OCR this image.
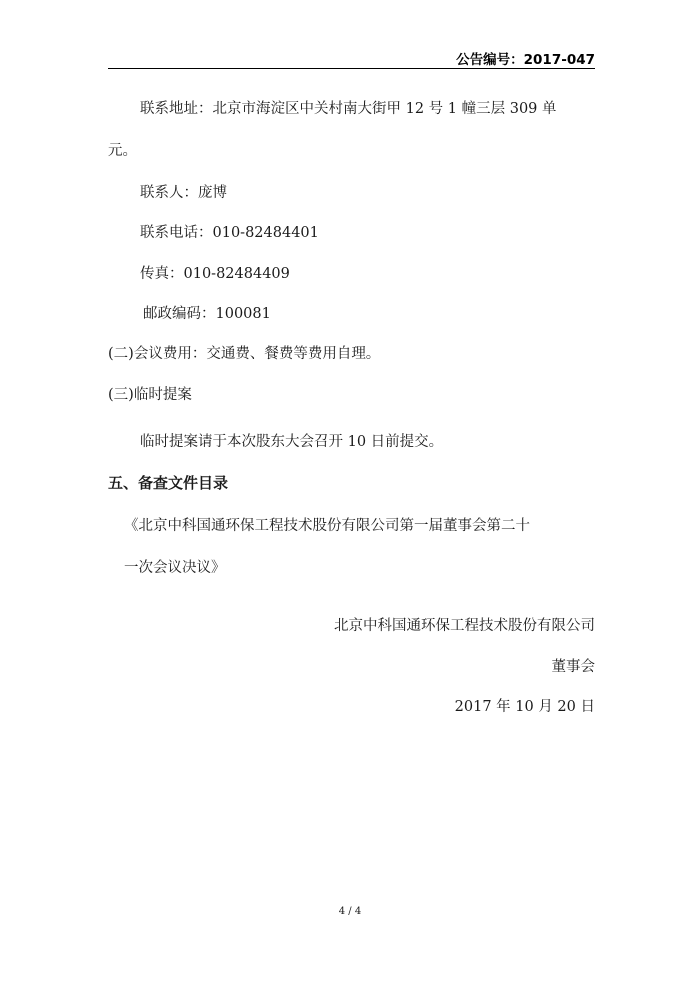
公告编号：2017-047
联系地址：北京市海淀区中关村南大街甲 12 号 1 幢三层 309 单
元。
联系人：庞博
联系电话：010-82484401
传真：010-82484409
邮政编码：100081
(二)会议费用：交通费、餐费等费用自理。
(三)临时提案
临时提案请于本次股东大会召开 10 日前提交。
五、备查文件目录
《北京中科国通环保工程技术股份有限公司第一届董事会第二十
一次会议决议》
北京中科国通环保工程技术股份有限公司
董事会
2017 年 10 月 20 日
4 / 4
